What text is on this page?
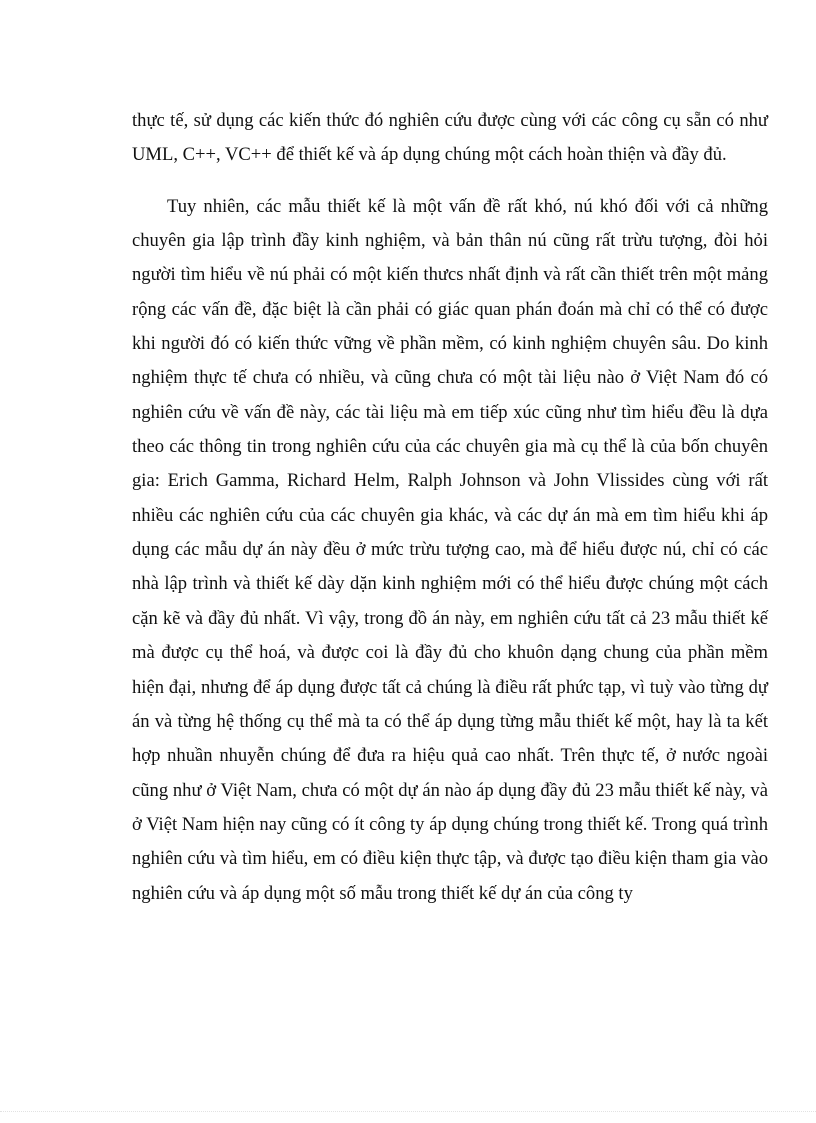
thực tế, sử dụng các kiến thức đó nghiên cứu được cùng với các công cụ sẵn có như UML, C++, VC++ để thiết kế và áp dụng chúng một cách hoàn thiện và đầy đủ.

Tuy nhiên, các mẫu thiết kế là một vấn đề rất khó, nú khó đối với cả những chuyên gia lập trình đầy kinh nghiệm, và bản thân nú cũng rất trừu tượng, đòi hỏi người tìm hiểu về nú phải có một kiến thưcs nhất định và rất cần thiết trên một mảng rộng các vấn đề, đặc biệt là cần phải có giác quan phán đoán mà chỉ có thể có được khi người đó có kiến thức vững về phần mềm, có kinh nghiệm chuyên sâu. Do kinh nghiệm thực tế chưa có nhiều, và cũng chưa có một tài liệu nào ở Việt Nam đó có nghiên cứu về vấn đề này, các tài liệu mà em tiếp xúc cũng như tìm hiểu đều là dựa theo các thông tin trong nghiên cứu của các chuyên gia mà cụ thể là của bốn chuyên gia: Erich Gamma, Richard Helm, Ralph Johnson và John Vlissides cùng với rất nhiều các nghiên cứu của các chuyên gia khác, và các dự án mà em tìm hiểu khi áp dụng các mẫu dự án này đều ở mức trừu tượng cao, mà để hiểu được nú, chỉ có các nhà lập trình và thiết kế dày dặn kinh nghiệm mới có thể hiểu được chúng một cách cặn kẽ và đầy đủ nhất. Vì vậy, trong đồ án này, em nghiên cứu tất cả 23 mẫu thiết kế mà được cụ thể hoá, và được coi là đầy đủ cho khuôn dạng chung của phần mềm hiện đại, nhưng để áp dụng được tất cả chúng là điều rất phức tạp, vì tuỳ vào từng dự án và từng hệ thống cụ thể mà ta có thể áp dụng từng mẫu thiết kế một, hay là ta kết hợp nhuần nhuyễn chúng để đưa ra hiệu quả cao nhất. Trên thực tế, ở nước ngoài cũng như ở Việt Nam, chưa có một dự án nào áp dụng đầy đủ 23 mẫu thiết kế này, và ở Việt Nam hiện nay cũng có ít công ty áp dụng chúng trong thiết kế. Trong quá trình nghiên cứu và tìm hiểu, em có điều kiện thực tập, và được tạo điều kiện tham gia vào nghiên cứu và áp dụng một số mẫu trong thiết kế dự án của công ty
